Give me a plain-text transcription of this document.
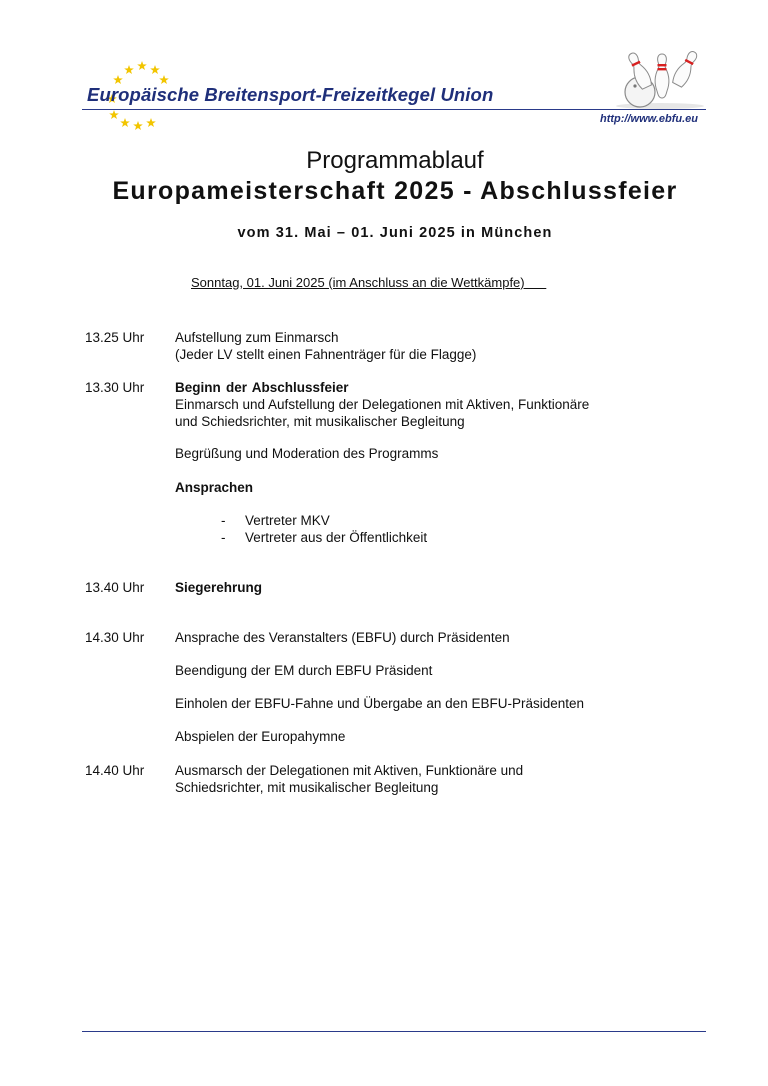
Europäische Breitensport-Freizeitkegel Union
http://www.ebfu.eu
Programmablauf
Europameisterschaft 2025 - Abschlussfeier
vom 31. Mai – 01. Juni 2025 in München
Sonntag, 01. Juni 2025 (im Anschluss an die Wettkämpfe)
13.25 Uhr Aufstellung zum Einmarsch

(Jeder LV stellt einen Fahnenträger für die Flagge)

13.30 Uhr Beginn der Abschlussfeier

Einmarsch und Aufstellung der Delegationen mit Aktiven, Funktionäre

und Schiedsrichter, mit musikalischer Begleitung

Begrüßung und Moderation des Programms

Ansprachen

- Vertreter MKV
- Vertreter aus der Öffentlichkeit
13.40 Uhr Siegerehrung

14.30 Uhr Ansprache des Veranstalters (EBFU) durch Präsidenten

Beendigung der EM durch EBFU Präsident

Einholen der EBFU-Fahne und Übergabe an den EBFU-Präsidenten

Abspielen der Europahymne

14.40 Uhr Ausmarsch der Delegationen mit Aktiven, Funktionäre und

Schiedsrichter, mit musikalischer Begleitung
